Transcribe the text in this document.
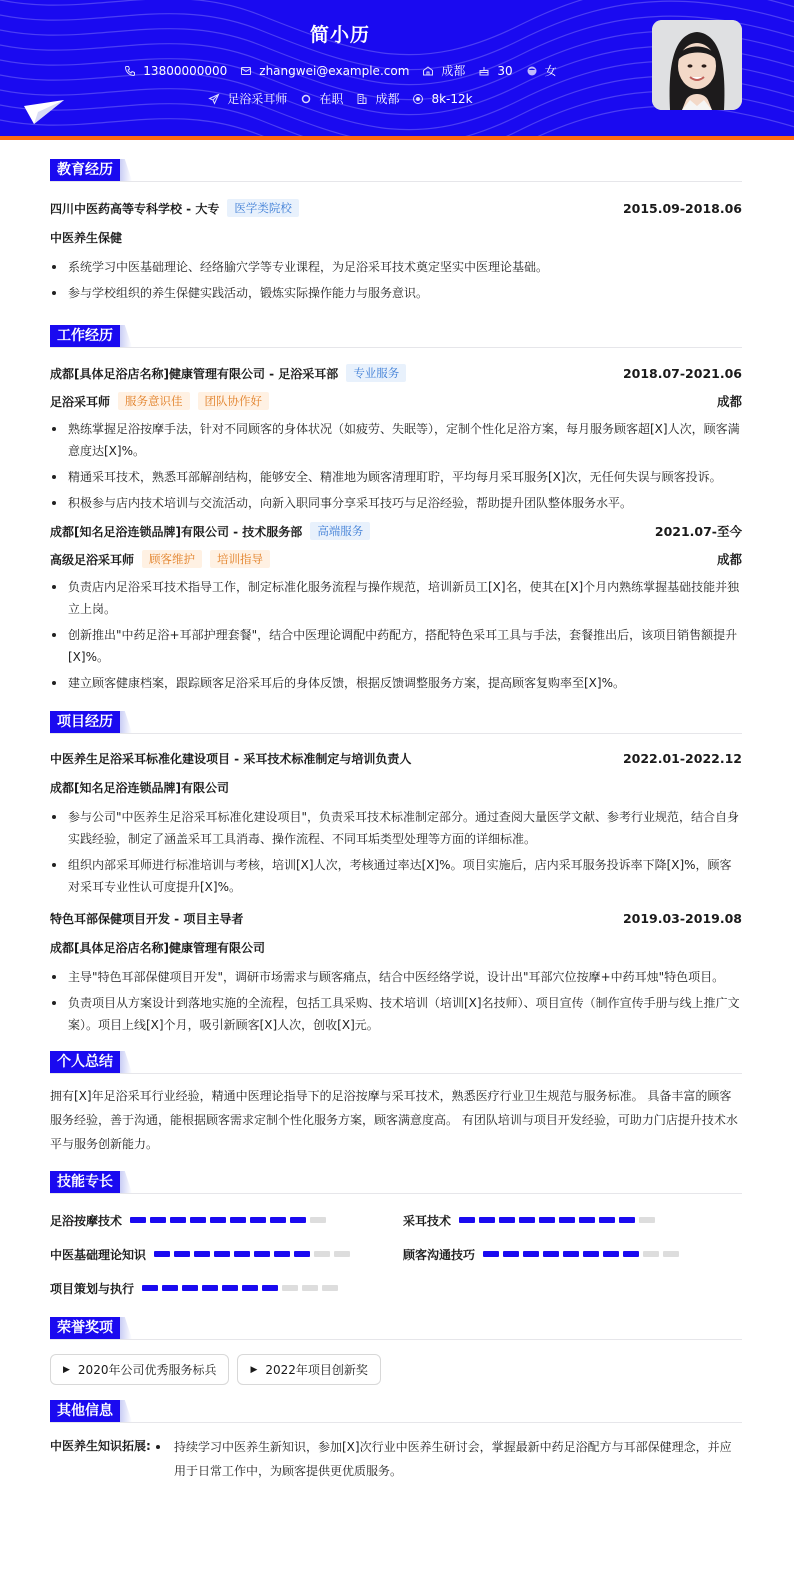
简小历
13800000000	zhangwei@example.com	成都	30	女
足浴采耳师	在职	成都	8k-12k
教育经历
四川中医药高等专科学校 - 大专	医学类院校	2015.09-2018.06
中医养生保健
系统学习中医基础理论、经络腧穴学等专业课程，为足浴采耳技术奠定坚实中医理论基础。
参与学校组织的养生保健实践活动，锻炼实际操作能力与服务意识。
工作经历
成都[具体足浴店名称]健康管理有限公司 - 足浴采耳部	专业服务	2018.07-2021.06
足浴采耳师	服务意识佳	团队协作好	成都
熟练掌握足浴按摩手法，针对不同顾客的身体状况（如疲劳、失眠等），定制个性化足浴方案，每月服务顾客超[X]人次，顾客满意度达[X]%。
精通采耳技术，熟悉耳部解剖结构，能够安全、精准地为顾客清理耵聍，平均每月采耳服务[X]次，无任何失误与顾客投诉。
积极参与店内技术培训与交流活动，向新入职同事分享采耳技巧与足浴经验，帮助提升团队整体服务水平。
成都[知名足浴连锁品牌]有限公司 - 技术服务部	高端服务	2021.07-至今
高级足浴采耳师	顾客维护	培训指导	成都
负责店内足浴采耳技术指导工作，制定标准化服务流程与操作规范，培训新员工[X]名，使其在[X]个月内熟练掌握基础技能并独立上岗。
创新推出"中药足浴+耳部护理套餐"，结合中医理论调配中药配方，搭配特色采耳工具与手法，套餐推出后，该项目销售额提升[X]%。
建立顾客健康档案，跟踪顾客足浴采耳后的身体反馈，根据反馈调整服务方案，提高顾客复购率至[X]%。
项目经历
中医养生足浴采耳标准化建设项目 - 采耳技术标准制定与培训负责人	2022.01-2022.12
成都[知名足浴连锁品牌]有限公司
参与公司"中医养生足浴采耳标准化建设项目"，负责采耳技术标准制定部分。通过查阅大量医学文献、参考行业规范，结合自身实践经验，制定了涵盖采耳工具消毒、操作流程、不同耳垢类型处理等方面的详细标准。
组织内部采耳师进行标准培训与考核，培训[X]人次，考核通过率达[X]%。项目实施后，店内采耳服务投诉率下降[X]%，顾客对采耳专业性认可度提升[X]%。
特色耳部保健项目开发 - 项目主导者	2019.03-2019.08
成都[具体足浴店名称]健康管理有限公司
主导"特色耳部保健项目开发"，调研市场需求与顾客痛点，结合中医经络学说，设计出"耳部穴位按摩+中药耳烛"特色项目。
负责项目从方案设计到落地实施的全流程，包括工具采购、技术培训（培训[X]名技师）、项目宣传（制作宣传手册与线上推广文案）。项目上线[X]个月，吸引新顾客[X]人次，创收[X]元。
个人总结
拥有[X]年足浴采耳行业经验，精通中医理论指导下的足浴按摩与采耳技术，熟悉医疗行业卫生规范与服务标准。 具备丰富的顾客服务经验，善于沟通，能根据顾客需求定制个性化服务方案，顾客满意度高。 有团队培训与项目开发经验，可助力门店提升技术水平与服务创新能力。
技能专长
足浴按摩技术	采耳技术
中医基础理论知识	顾客沟通技巧
项目策划与执行
荣誉奖项
▶ 2020年公司优秀服务标兵	▶ 2022年项目创新奖
其他信息
中医养生知识拓展:	持续学习中医养生新知识，参加[X]次行业中医养生研讨会，掌握最新中药足浴配方与耳部保健理念，并应用于日常工作中，为顾客提供更优质服务。
